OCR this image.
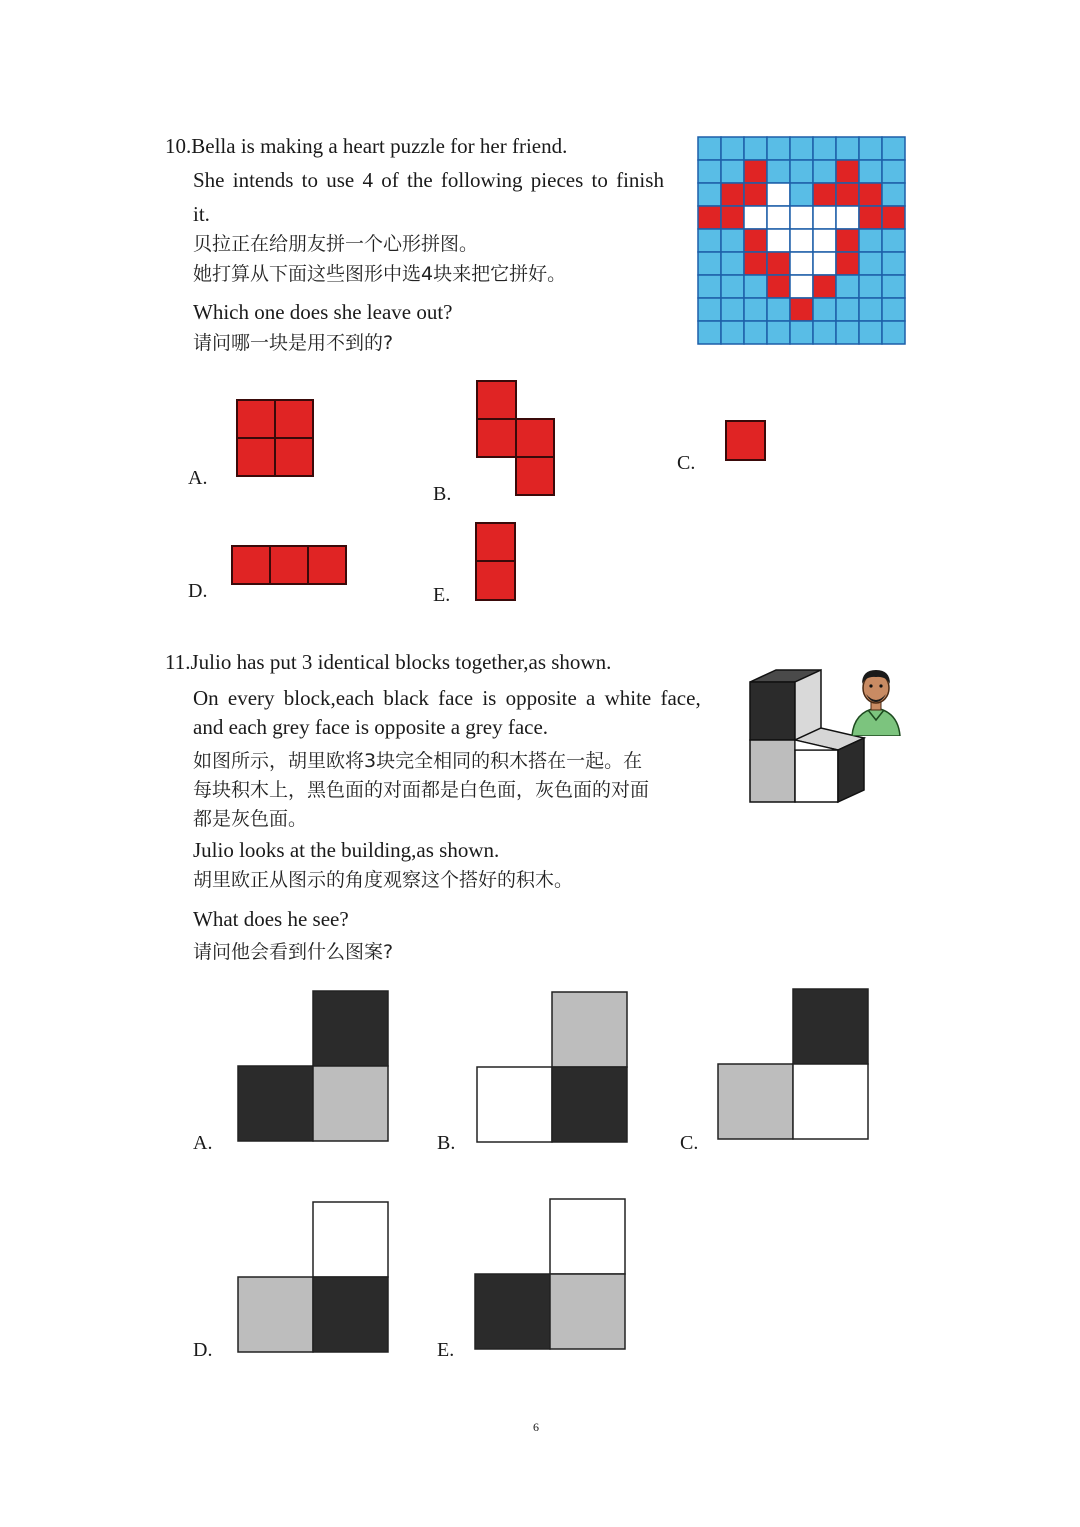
10.Bella is making a heart puzzle for her friend.
She intends to use 4 of the following pieces to finish
it.
贝拉正在给朋友拼一个心形拼图。
她打算从下面这些图形中选4块来把它拼好。
Which one does she leave out?
请问哪一块是用不到的?
A.
B.
C.
D.	E.
11.Julio has put 3 identical blocks together,as shown.
On every block,each black face is opposite a white face,
and each grey face is opposite a grey face.
如图所示，胡里欧将3块完全相同的积木搭在一起。在
每块积木上，黑色面的对面都是白色面，灰色面的对面
都是灰色面。
Julio looks at the building,as shown.
胡里欧正从图示的角度观察这个搭好的积木。
What does he see?
请问他会看到什么图案?
A.	B.	C.
D.	E.
6
